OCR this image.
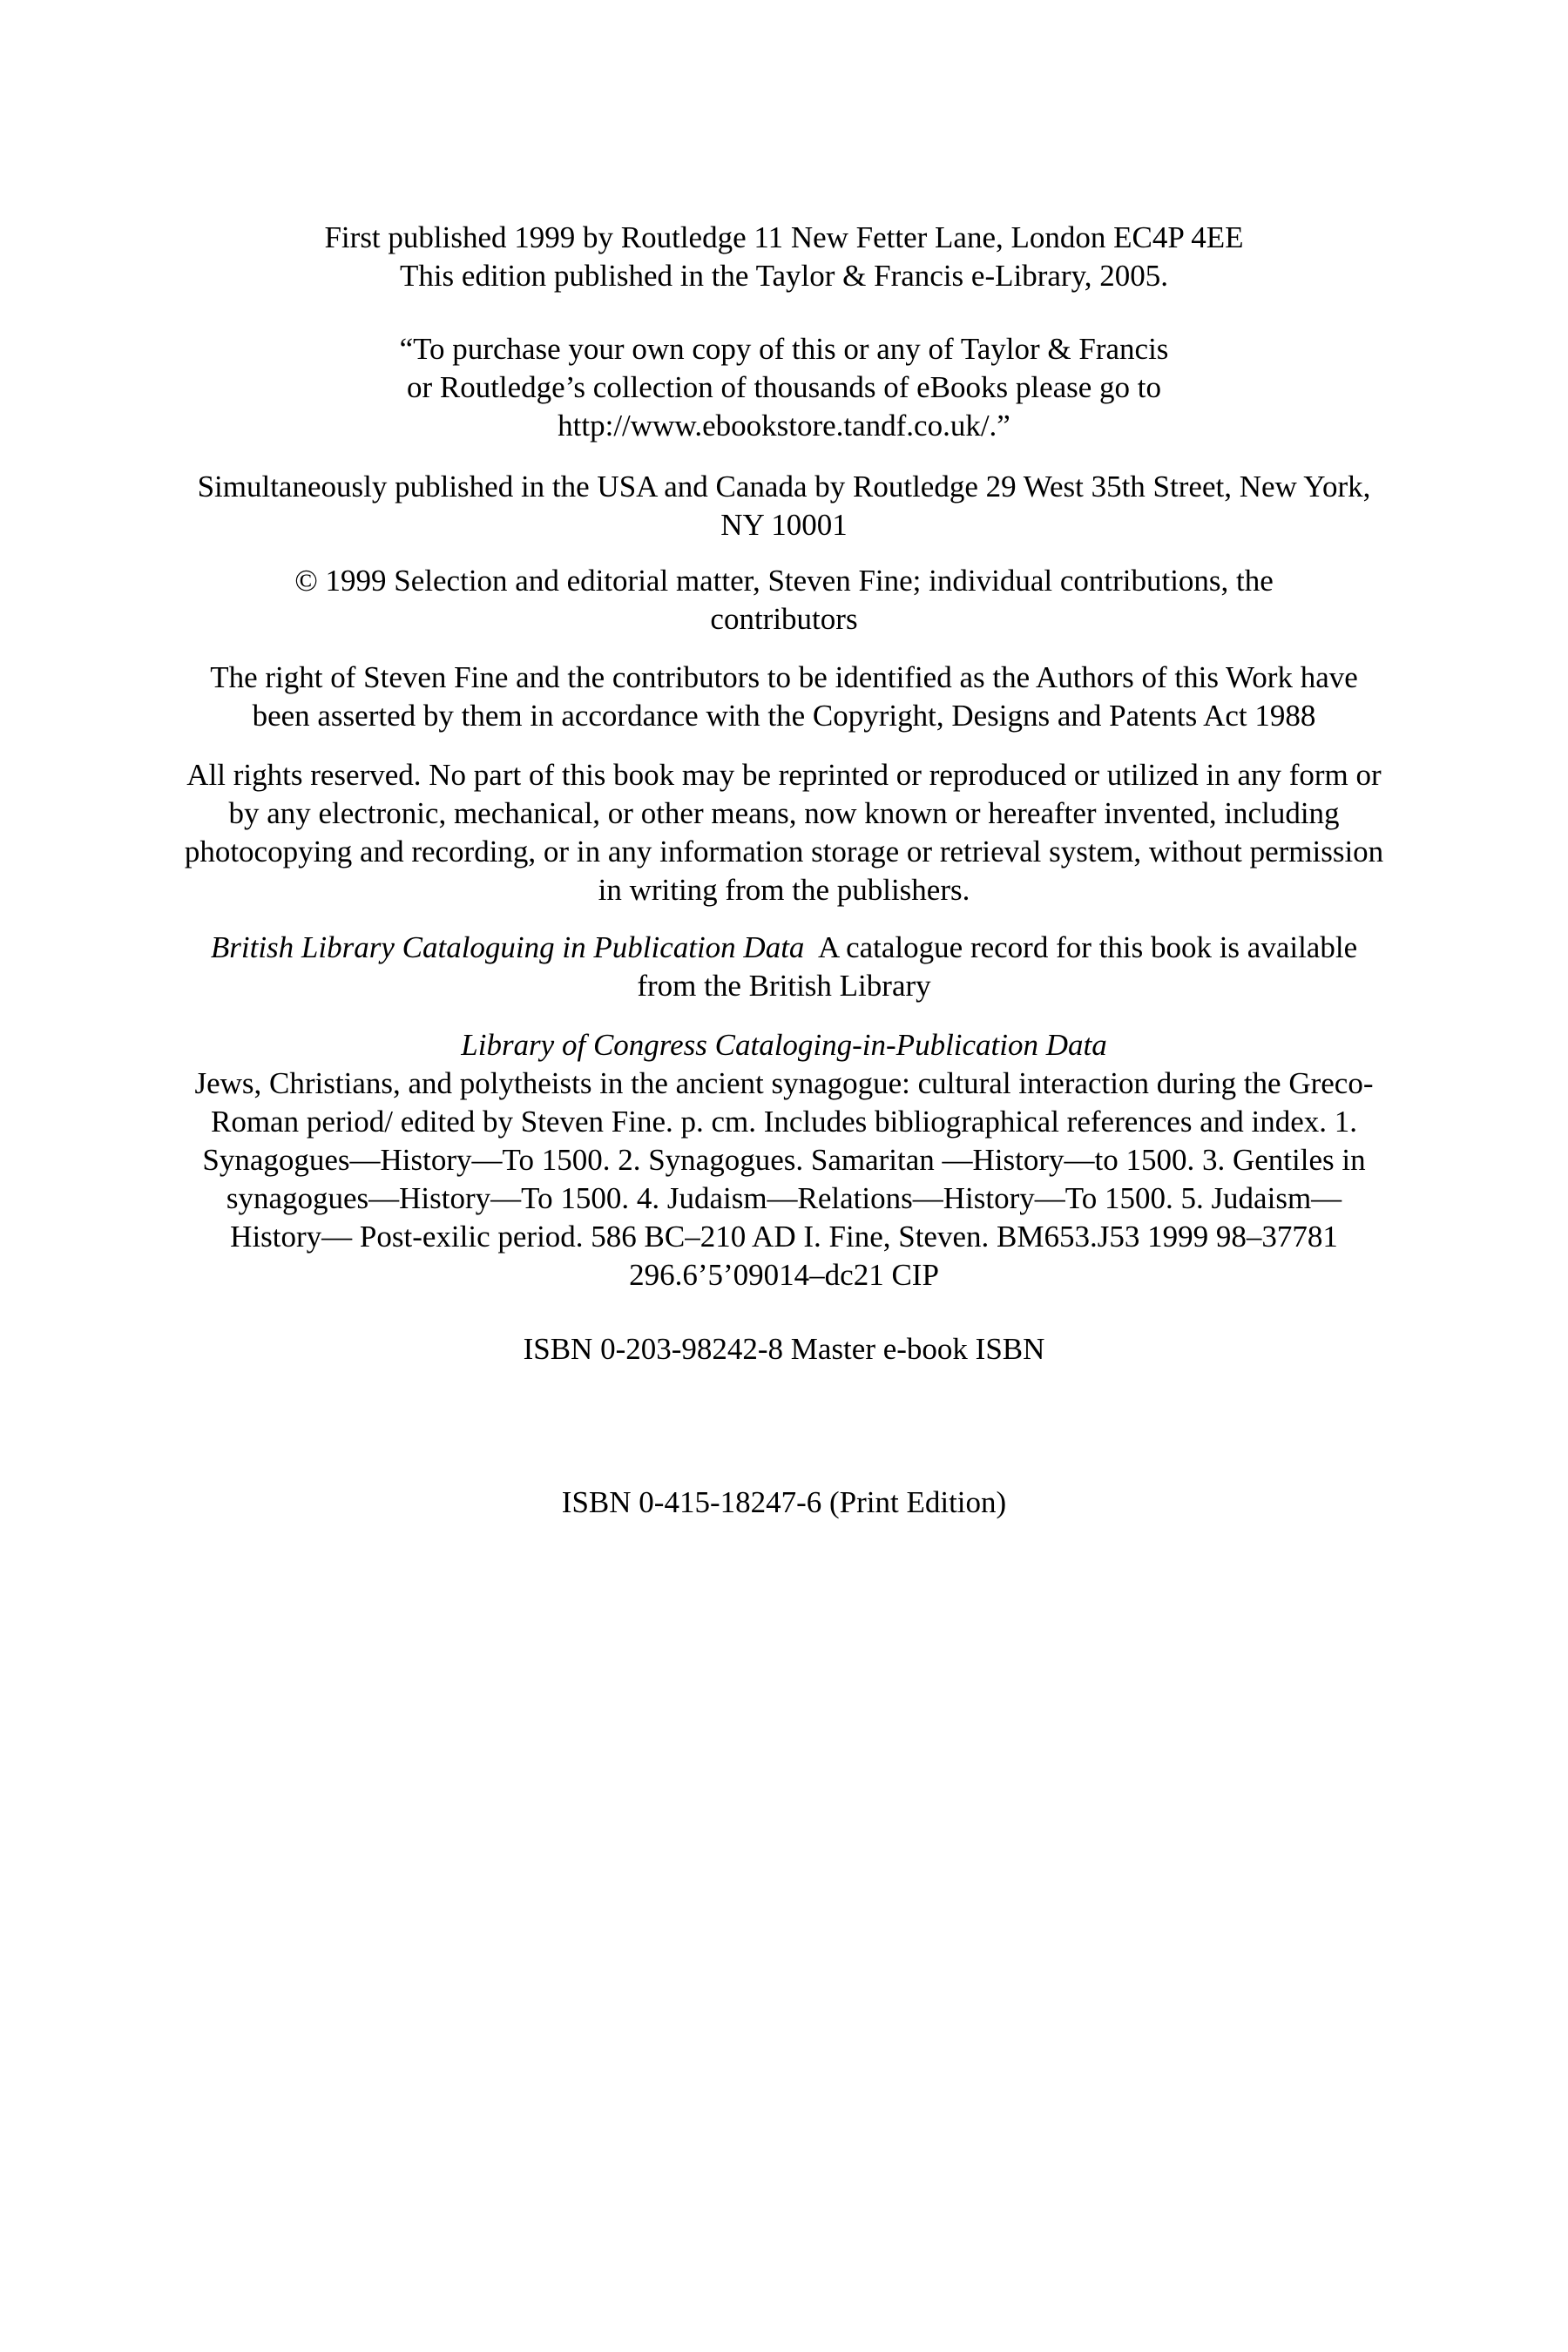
First published 1999 by Routledge 11 New Fetter Lane, London EC4P 4EE
This edition published in the Taylor & Francis e-Library, 2005.

“To purchase your own copy of this or any of Taylor & Francis
or Routledge’s collection of thousands of eBooks please go to
http://www.ebookstore.tandf.co.uk/.”

Simultaneously published in the USA and Canada by Routledge 29 West 35th Street, New York,
NY 10001

© 1999 Selection and editorial matter, Steven Fine; individual contributions, the
contributors

The right of Steven Fine and the contributors to be identified as the Authors of this Work have
been asserted by them in accordance with the Copyright, Designs and Patents Act 1988

All rights reserved. No part of this book may be reprinted or reproduced or utilized in any form or
by any electronic, mechanical, or other means, now known or hereafter invented, including
photocopying and recording, or in any information storage or retrieval system, without permission
in writing from the publishers.

British Library Cataloguing in Publication Data  A catalogue record for this book is available
from the British Library

Library of Congress Cataloging-in-Publication Data
Jews, Christians, and polytheists in the ancient synagogue: cultural interaction during the Greco-
Roman period/ edited by Steven Fine. p. cm. Includes bibliographical references and index. 1.
Synagogues—History—To 1500. 2. Synagogues. Samaritan —History—to 1500. 3. Gentiles in
synagogues—History—To 1500. 4. Judaism—Relations—History—To 1500. 5. Judaism—
History— Post-exilic period. 586 BC–210 AD I. Fine, Steven. BM653.J53 1999 98–37781
296.6’5’09014–dc21 CIP

ISBN 0-203-98242-8 Master e-book ISBN

ISBN 0-415-18247-6 (Print Edition)
